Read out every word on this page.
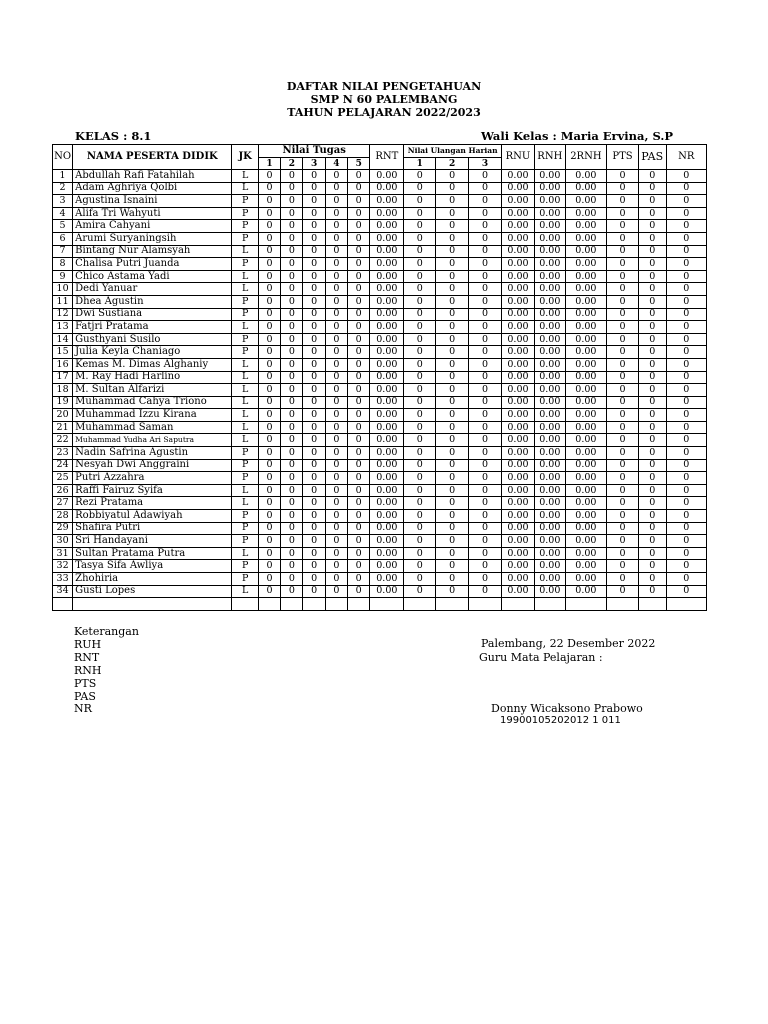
DAFTAR NILAI PENGETAHUAN
SMP N 60 PALEMBANG
TAHUN PELAJARAN 2022/2023
KELAS : 8.1	Wali Kelas : Maria Ervina, S.P
NO	NAMA PESERTA DIDIK	JK	Nilai Tugas					RNT	Nilai Ulangan Harian			RNU	RNH	2RNH	PTS	PAS	NR
			1	2	3	4	5		1	2	3						
1	Abdullah Rafi Fatahilah	L	0	0	0	0	0	0.00	0	0	0	0.00	0.00	0.00	0	0	0
2	Adam Aghriya Qolbi	L	0	0	0	0	0	0.00	0	0	0	0.00	0.00	0.00	0	0	0
3	Agustina Isnaini	P	0	0	0	0	0	0.00	0	0	0	0.00	0.00	0.00	0	0	0
4	Alifa Tri Wahyuti	P	0	0	0	0	0	0.00	0	0	0	0.00	0.00	0.00	0	0	0
5	Amira Cahyani	P	0	0	0	0	0	0.00	0	0	0	0.00	0.00	0.00	0	0	0
6	Arumi Suryaningsih	P	0	0	0	0	0	0.00	0	0	0	0.00	0.00	0.00	0	0	0
7	Bintang Nur Alamsyah	L	0	0	0	0	0	0.00	0	0	0	0.00	0.00	0.00	0	0	0
8	Chalisa Putri Juanda	P	0	0	0	0	0	0.00	0	0	0	0.00	0.00	0.00	0	0	0
9	Chico Astama Yadi	L	0	0	0	0	0	0.00	0	0	0	0.00	0.00	0.00	0	0	0
10	Dedi Yanuar	L	0	0	0	0	0	0.00	0	0	0	0.00	0.00	0.00	0	0	0
11	Dhea Agustin	P	0	0	0	0	0	0.00	0	0	0	0.00	0.00	0.00	0	0	0
12	Dwi Sustiana	P	0	0	0	0	0	0.00	0	0	0	0.00	0.00	0.00	0	0	0
13	Fatjri Pratama	L	0	0	0	0	0	0.00	0	0	0	0.00	0.00	0.00	0	0	0
14	Gusthyani Susilo	P	0	0	0	0	0	0.00	0	0	0	0.00	0.00	0.00	0	0	0
15	Julia Keyla Chaniago	P	0	0	0	0	0	0.00	0	0	0	0.00	0.00	0.00	0	0	0
16	Kemas M. Dimas Alghaniy	L	0	0	0	0	0	0.00	0	0	0	0.00	0.00	0.00	0	0	0
17	M. Ray Hadi Harlino	L	0	0	0	0	0	0.00	0	0	0	0.00	0.00	0.00	0	0	0
18	M. Sultan Alfarizi	L	0	0	0	0	0	0.00	0	0	0	0.00	0.00	0.00	0	0	0
19	Muhammad Cahya Triono	L	0	0	0	0	0	0.00	0	0	0	0.00	0.00	0.00	0	0	0
20	Muhammad Izzu Kirana	L	0	0	0	0	0	0.00	0	0	0	0.00	0.00	0.00	0	0	0
21	Muhammad Saman	L	0	0	0	0	0	0.00	0	0	0	0.00	0.00	0.00	0	0	0
22	Muhammad Yudha Ari Saputra	L	0	0	0	0	0	0.00	0	0	0	0.00	0.00	0.00	0	0	0
23	Nadin Safrina Agustin	P	0	0	0	0	0	0.00	0	0	0	0.00	0.00	0.00	0	0	0
24	Nesyah Dwi Anggraini	P	0	0	0	0	0	0.00	0	0	0	0.00	0.00	0.00	0	0	0
25	Putri Azzahra	P	0	0	0	0	0	0.00	0	0	0	0.00	0.00	0.00	0	0	0
26	Raffi Fairuz Syifa	L	0	0	0	0	0	0.00	0	0	0	0.00	0.00	0.00	0	0	0
27	Rezi Pratama	L	0	0	0	0	0	0.00	0	0	0	0.00	0.00	0.00	0	0	0
28	Robbiyatul Adawiyah	P	0	0	0	0	0	0.00	0	0	0	0.00	0.00	0.00	0	0	0
29	Shafira Putri	P	0	0	0	0	0	0.00	0	0	0	0.00	0.00	0.00	0	0	0
30	Sri Handayani	P	0	0	0	0	0	0.00	0	0	0	0.00	0.00	0.00	0	0	0
31	Sultan Pratama Putra	L	0	0	0	0	0	0.00	0	0	0	0.00	0.00	0.00	0	0	0
32	Tasya Sifa Awliya	P	0	0	0	0	0	0.00	0	0	0	0.00	0.00	0.00	0	0	0
33	Zhohiria	P	0	0	0	0	0	0.00	0	0	0	0.00	0.00	0.00	0	0	0
34	Gusti Lopes	L	0	0	0	0	0	0.00	0	0	0	0.00	0.00	0.00	0	0	0

Keterangan
RUH
RNT
RNH
PTS
PAS
NR
Palembang, 22 Desember 2022
Guru Mata Pelajaran :
Donny Wicaksono Prabowo
19900105202012 1 011
